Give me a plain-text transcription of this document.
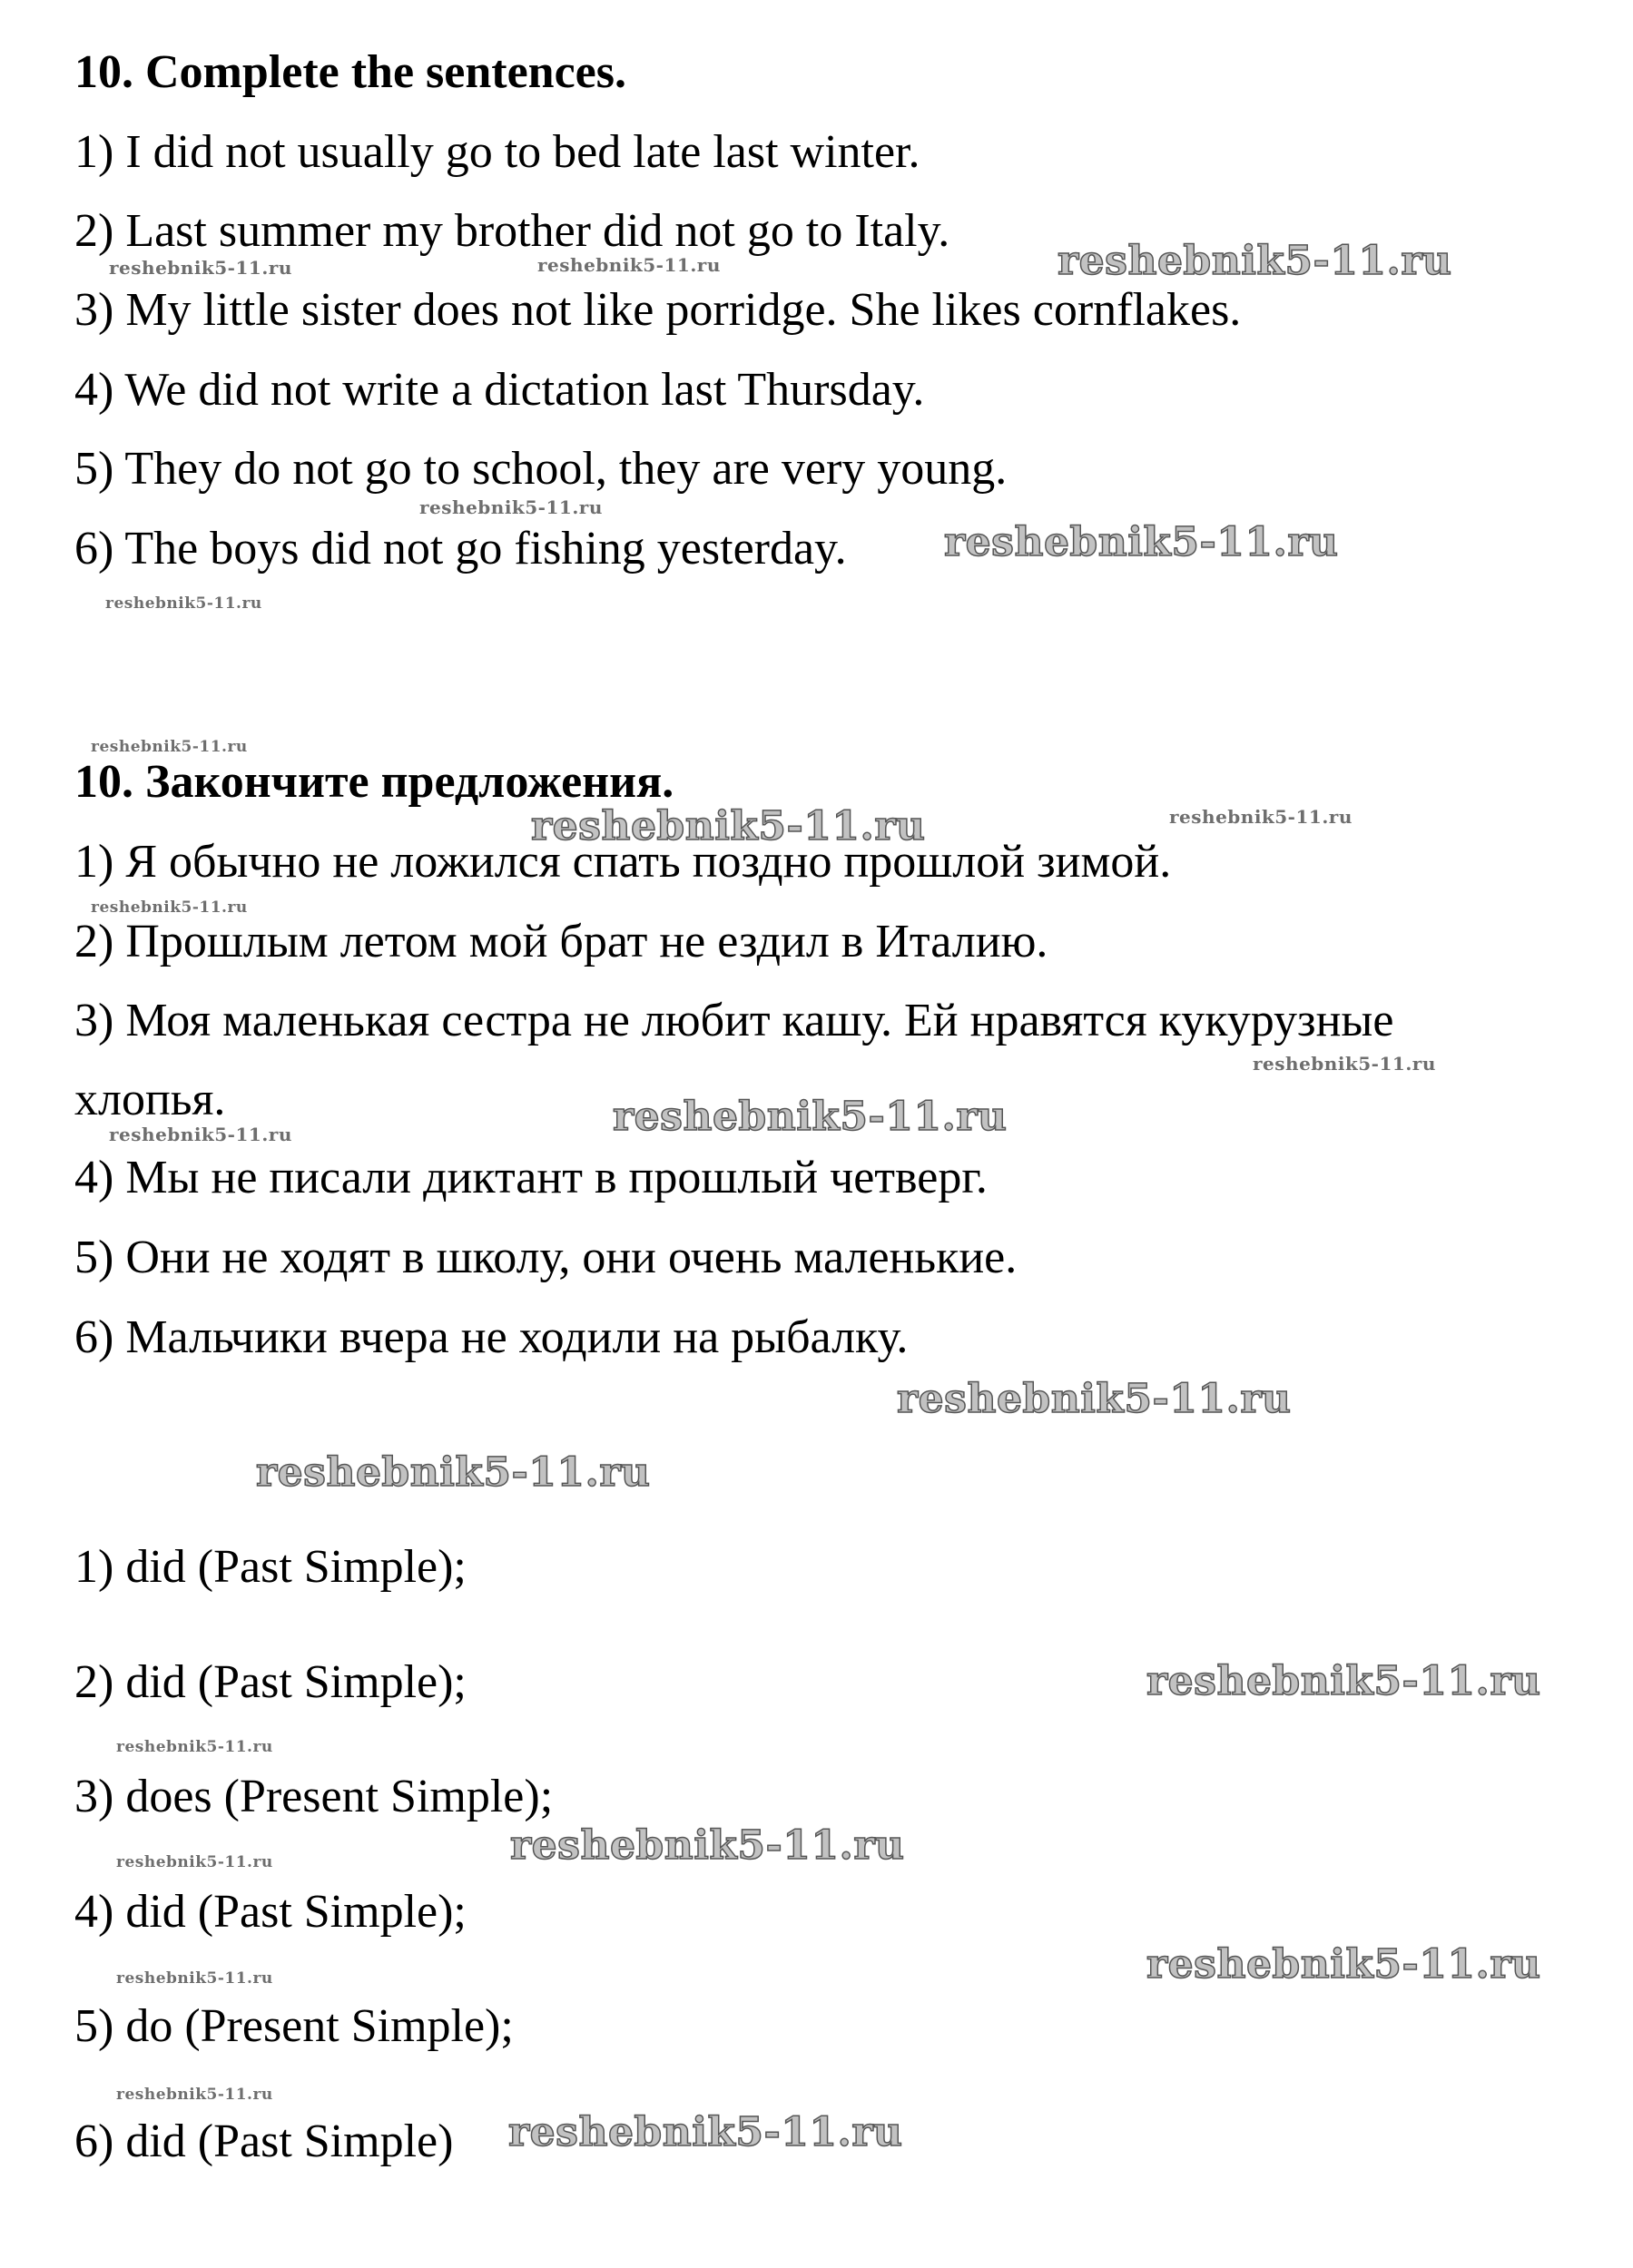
10. Complete the sentences.
1) I did not usually go to bed late last winter.
2) Last summer my brother did not go to Italy.
3) My little sister does not like porridge. She likes cornflakes.
4) We did not write a dictation last Thursday.
5) They do not go to school, they are very young.
6) The boys did not go fishing yesterday.
10. Закончите предложения.
1) Я обычно не ложился спать поздно прошлой зимой.
2) Прошлым летом мой брат не ездил в Италию.
3) Моя маленькая сестра не любит кашу. Ей нравятся кукурузные
хлопья.
4) Мы не писали диктант в прошлый четверг.
5) Они не ходят в школу, они очень маленькие.
6) Мальчики вчера не ходили на рыбалку.
1) did (Past Simple);
2) did (Past Simple);
3) does (Present Simple);
4) did (Past Simple);
5) do (Present Simple);
6) did (Past Simple)
reshebnik5-11.ru	reshebnik5-11.ru	reshebnik5-11.ru
reshebnik5-11.ru
reshebnik5-11.ru
reshebnik5-11.ru
reshebnik5-11.ru
reshebnik5-11.ru	reshebnik5-11.ru
reshebnik5-11.ru
reshebnik5-11.ru
reshebnik5-11.ru	reshebnik5-11.ru
reshebnik5-11.ru
reshebnik5-11.ru
reshebnik5-11.ru
reshebnik5-11.ru
reshebnik5-11.ru
reshebnik5-11.ru
reshebnik5-11.ru
reshebnik5-11.ru
reshebnik5-11.ru
reshebnik5-11.ru
